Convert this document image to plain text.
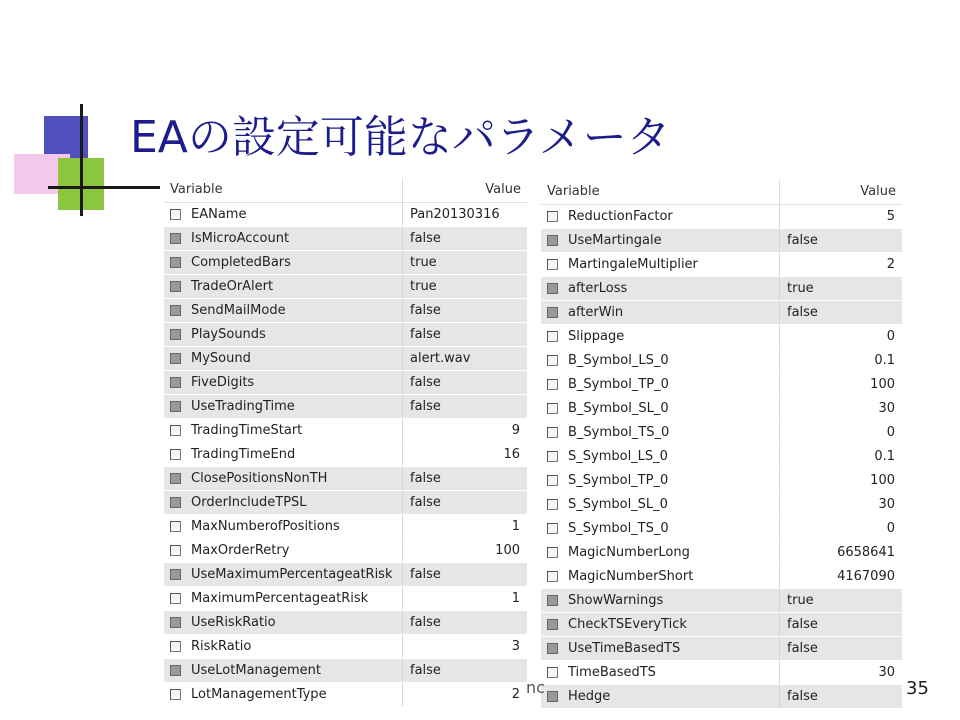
EAの設定可能なパラメータ
Variable	Value
EAName	Pan20130316
IsMicroAccount	false
CompletedBars	true
TradeOrAlert	true
SendMailMode	false
PlaySounds	false
MySound	alert.wav
FiveDigits	false
UseTradingTime	false
TradingTimeStart	9
TradingTimeEnd	16
ClosePositionsNonTH	false
OrderIncludeTPSL	false
MaxNumberofPositions	1
MaxOrderRetry	100
UseMaximumPercentageatRisk	false
MaximumPercentageatRisk	1
UseRiskRatio	false
RiskRatio	3
UseLotManagement	false
LotManagementType	2
Variable	Value
ReductionFactor	5
UseMartingale	false
MartingaleMultiplier	2
afterLoss	true
afterWin	false
Slippage	0
B_Symbol_LS_0	0.1
B_Symbol_TP_0	100
B_Symbol_SL_0	30
B_Symbol_TS_0	0
S_Symbol_LS_0	0.1
S_Symbol_TP_0	100
S_Symbol_SL_0	30
S_Symbol_TS_0	0
MagicNumberLong	6658641
MagicNumberShort	4167090
ShowWarnings	true
CheckTSEveryTick	false
UseTimeBasedTS	false
TimeBasedTS	30
Hedge	false
nc	35
